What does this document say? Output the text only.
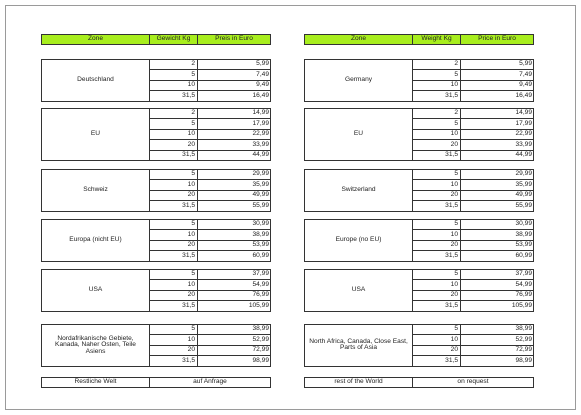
Zone	Gewicht Kg	Preis in Euro
Deutschland
2	5,99
5	7,49
10	9,49
31,5	16,49
EU
2	14,99
5	17,99
10	22,99
20	33,99
31,5	44,99
Schweiz
5	29,99
10	35,99
20	49,99
31,5	55,99
Europa (nicht EU)
5	30,99
10	38,99
20	53,99
31,5	60,99
USA
5	37,99
10	54,99
20	76,99
31,5	105,99
Nordafrikanische Gebiete, Kanada, Naher Osten, Teile Asiens
5	38,99
10	52,99
20	72,99
31,5	98,99
Restliche Welt	auf Anfrage
Zone	Weight Kg	Price in Euro
Germany
2	5,99
5	7,49
10	9,49
31,5	16,49
EU
2	14,99
5	17,99
10	22,99
20	33,99
31,5	44,99
Switzerland
5	29,99
10	35,99
20	49,99
31,5	55,99
Europe (no EU)
5	30,99
10	38,99
20	53,99
31,5	60,99
USA
5	37,99
10	54,99
20	76,99
31,5	105,99
North Africa, Canada, Close East, Parts of Asia
5	38,99
10	52,99
20	72,99
31,5	98,99
rest of the World	on request
